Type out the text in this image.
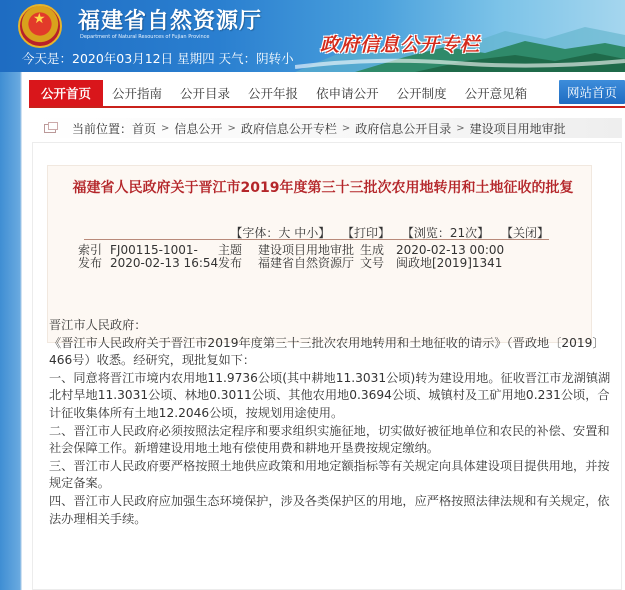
★ 福建省自然资源厅
Department of Natural Resources of Fujian Province
今天是：2020年03月12日 星期四 天气：阴转小
政府信息公开专栏
公开首页	公开指南	公开目录	公开年报	依申请公开	公开制度	公开意见箱	网站首页
当前位置： 首页 > 信息公开 > 政府信息公开专栏 > 政府信息公开目录 > 建设项目用地审批
福建省人民政府关于晋江市2019年度第三十三批次农用地转用和土地征收的批复
【字体：大 中小】 【打印】 【浏览：21次】 【关闭】
索引 FJ00115-1001- 主题 建设项目用地审批 生成 2020-02-13 00:00
发布 2020-02-13 16:54 发布 福建省自然资源厅 文号 闽政地[2019]1341

晋江市人民政府：

《晋江市人民政府关于晋江市2019年度第三十三批次农用地转用和土地征收的请示》（晋政地〔2019〕466号）收悉。经研究，现批复如下：

一、同意将晋江市境内农用地11.9736公顷(其中耕地11.3031公顷)转为建设用地。征收晋江市龙湖镇湖北村旱地11.3031公顷、林地0.3011公顷、其他农用地0.3694公顷、城镇村及工矿用地0.231公顷，合计征收集体所有土地12.2046公顷，按规划用途使用。

二、晋江市人民政府必须按照法定程序和要求组织实施征地，切实做好被征地单位和农民的补偿、安置和社会保障工作。新增建设用地土地有偿使用费和耕地开垦费按规定缴纳。

三、晋江市人民政府要严格按照土地供应政策和用地定额指标等有关规定向具体建设项目提供用地，并按规定备案。

四、晋江市人民政府应加强生态环境保护，涉及各类保护区的用地，应严格按照法律法规和有关规定，依法办理相关手续。
